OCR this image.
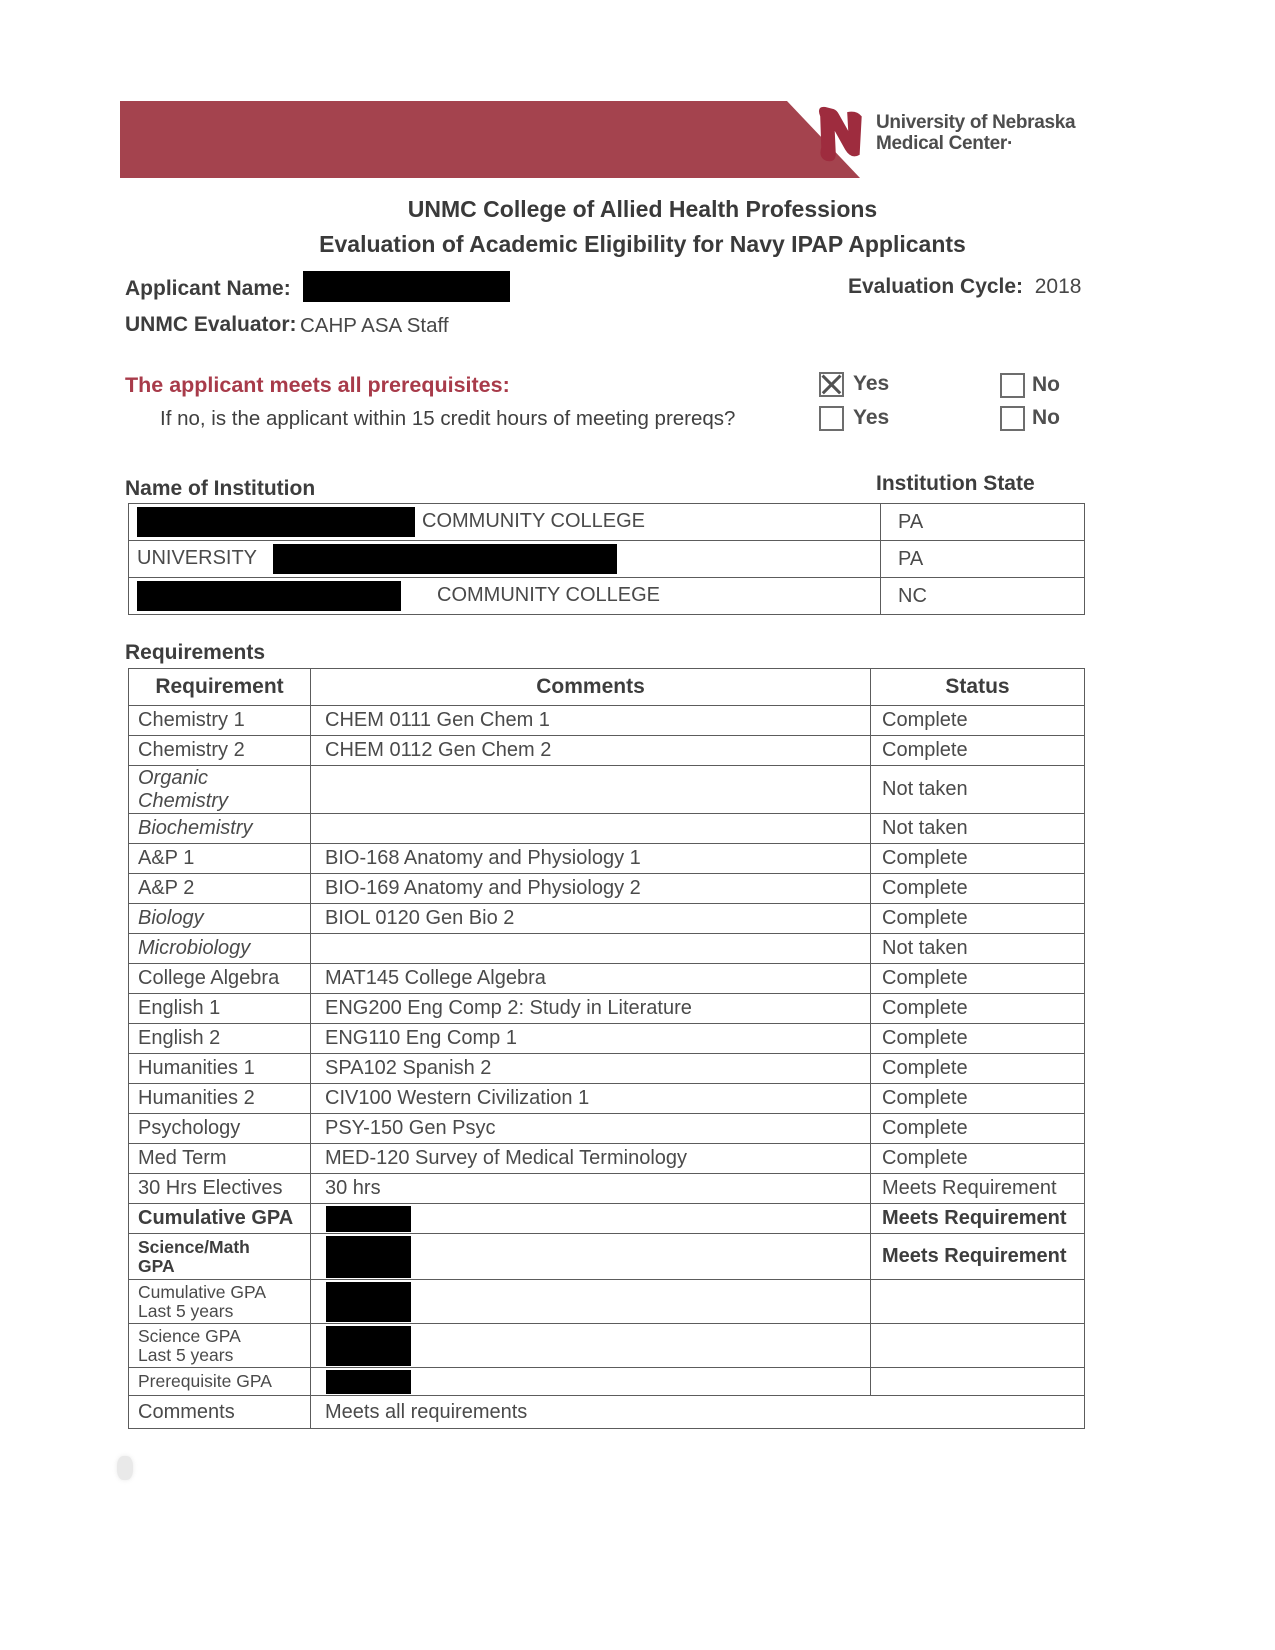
University of Nebraska
Medical Center·
UNMC College of Allied Health Professions
Evaluation of Academic Eligibility for Navy IPAP Applicants
Applicant Name:	Evaluation Cycle: 2018
UNMC Evaluator: CAHP ASA Staff
The applicant meets all prerequisites:
If no, is the applicant within 15 credit hours of meeting prereqs?
Yes	No
Yes	No
Name of Institution	Institution State
COMMUNITY COLLEGE	PA
UNIVERSITY	PA
COMMUNITY COLLEGE	NC
Requirements
Requirement	Comments	Status
Chemistry 1	CHEM 0111 Gen Chem 1	Complete
Chemistry 2	CHEM 0112 Gen Chem 2	Complete
Organic Chemistry		Not taken
Biochemistry		Not taken
A&P 1	BIO-168 Anatomy and Physiology 1	Complete
A&P 2	BIO-169 Anatomy and Physiology 2	Complete
Biology	BIOL 0120 Gen Bio 2	Complete
Microbiology		Not taken
College Algebra	MAT145 College Algebra	Complete
English 1	ENG200 Eng Comp 2: Study in Literature	Complete
English 2	ENG110 Eng Comp 1	Complete
Humanities 1	SPA102 Spanish 2	Complete
Humanities 2	CIV100 Western Civilization 1	Complete
Psychology	PSY-150 Gen Psyc	Complete
Med Term	MED-120 Survey of Medical Terminology	Complete
30 Hrs Electives	30 hrs	Meets Requirement
Cumulative GPA		Meets Requirement
Science/Math GPA		Meets Requirement
Cumulative GPA Last 5 years		
Science GPA Last 5 years		
Prerequisite GPA		
Comments	Meets all requirements	
